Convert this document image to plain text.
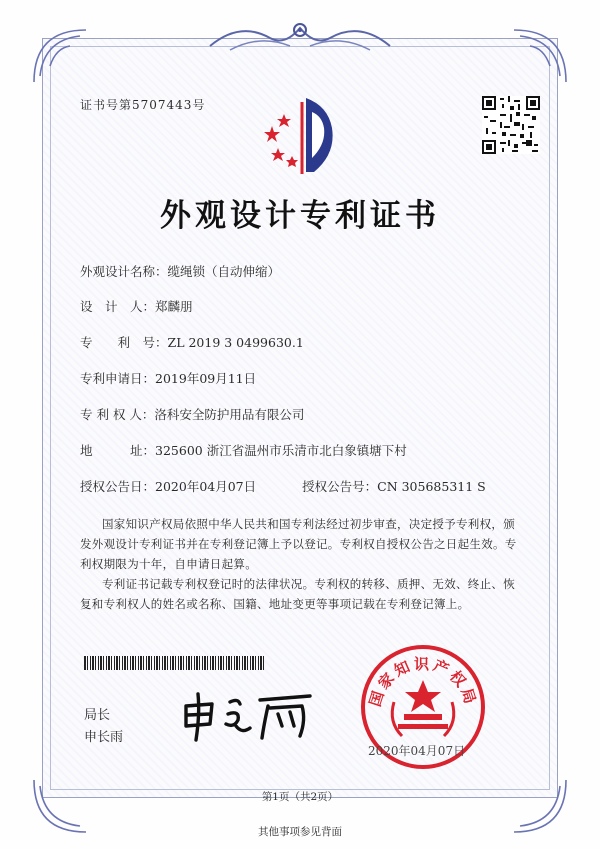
证书号第5707443号
外观设计专利证书
外观设计名称：缆绳锁（自动伸缩）
设　计　人：郑麟朋
专　　利　号：ZL 2019 3 0499630.1
专利申请日：2019年09月11日
专 利 权 人：洛科安全防护用品有限公司
地　　　址：325600 浙江省温州市乐清市北白象镇塘下村
授权公告日：2020年04月07日	授权公告号：CN 305685311 S
国家知识产权局依照中华人民共和国专利法经过初步审查，决定授予专利权，颁发外观设计专利证书并在专利登记簿上予以登记。专利权自授权公告之日起生效。专利权期限为十年，自申请日起算。
专利证书记载专利权登记时的法律状况。专利权的转移、质押、无效、终止、恢复和专利权人的姓名或名称、国籍、地址变更等事项记载在专利登记簿上。
局长
申长雨
国家知识产权局
2020年04月07日
第1页（共2页）
其他事项参见背面
